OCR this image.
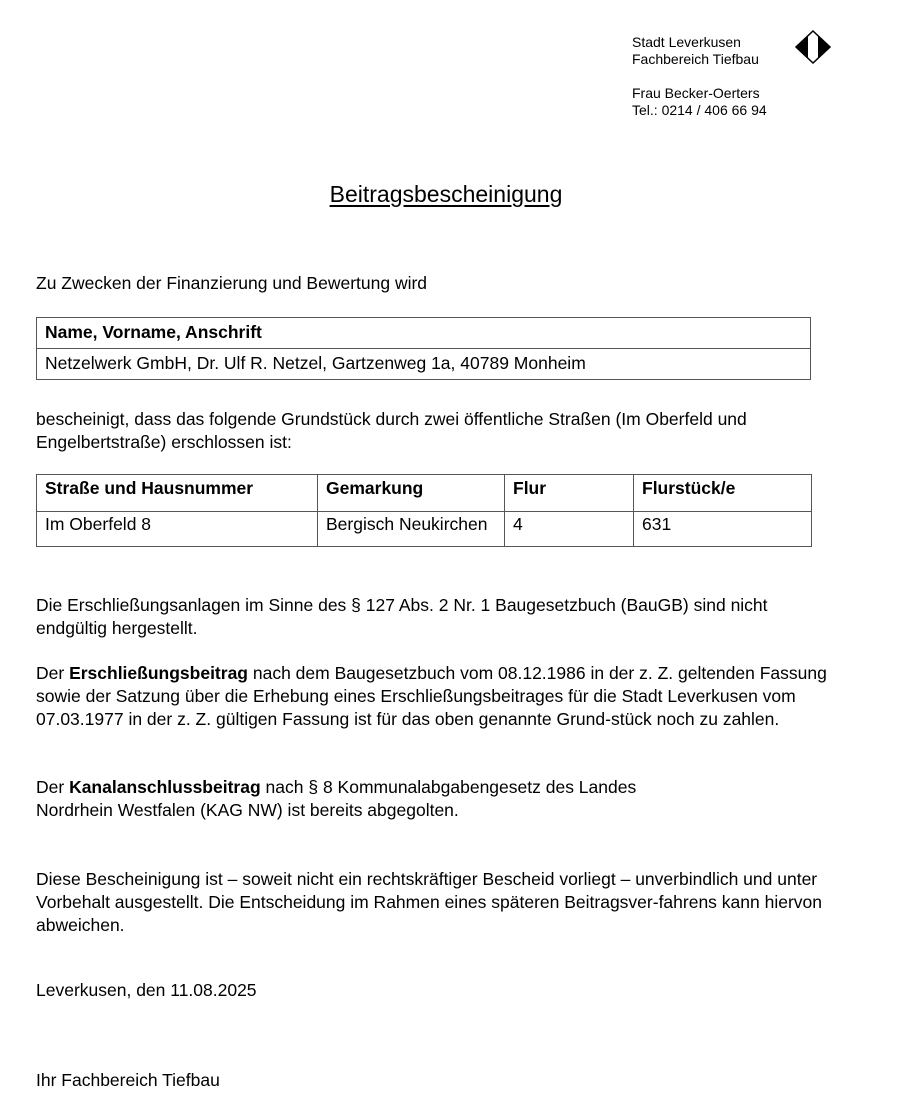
Stadt Leverkusen
Fachbereich Tiefbau
Frau Becker-Oerters
Tel.: 0214 / 406 66 94
Beitragsbescheinigung
Zu Zwecken der Finanzierung und Bewertung wird
Name, Vorname, Anschrift
Netzelwerk GmbH, Dr. Ulf R. Netzel, Gartzenweg 1a, 40789 Monheim
bescheinigt, dass das folgende Grundstück durch zwei öffentliche Straßen (Im Oberfeld und Engelbertstraße) erschlossen ist:
Straße und Hausnummer	Gemarkung	Flur	Flurstück/e
Im Oberfeld 8	Bergisch Neukirchen	4	631
Die Erschließungsanlagen im Sinne des § 127 Abs. 2 Nr. 1 Baugesetzbuch (BauGB) sind nicht endgültig hergestellt.
Der Erschließungsbeitrag nach dem Baugesetzbuch vom 08.12.1986 in der z. Z. geltenden Fassung sowie der Satzung über die Erhebung eines Erschließungsbeitrages für die Stadt Leverkusen vom 07.03.1977 in der z. Z. gültigen Fassung ist für das oben genannte Grund-stück noch zu zahlen.
Der Kanalanschlussbeitrag nach § 8 Kommunalabgabengesetz des Landes
Nordrhein Westfalen (KAG NW) ist bereits abgegolten.
Diese Bescheinigung ist – soweit nicht ein rechtskräftiger Bescheid vorliegt – unverbindlich und unter Vorbehalt ausgestellt. Die Entscheidung im Rahmen eines späteren Beitragsver-fahrens kann hiervon abweichen.
Leverkusen, den 11.08.2025
Ihr Fachbereich Tiefbau
